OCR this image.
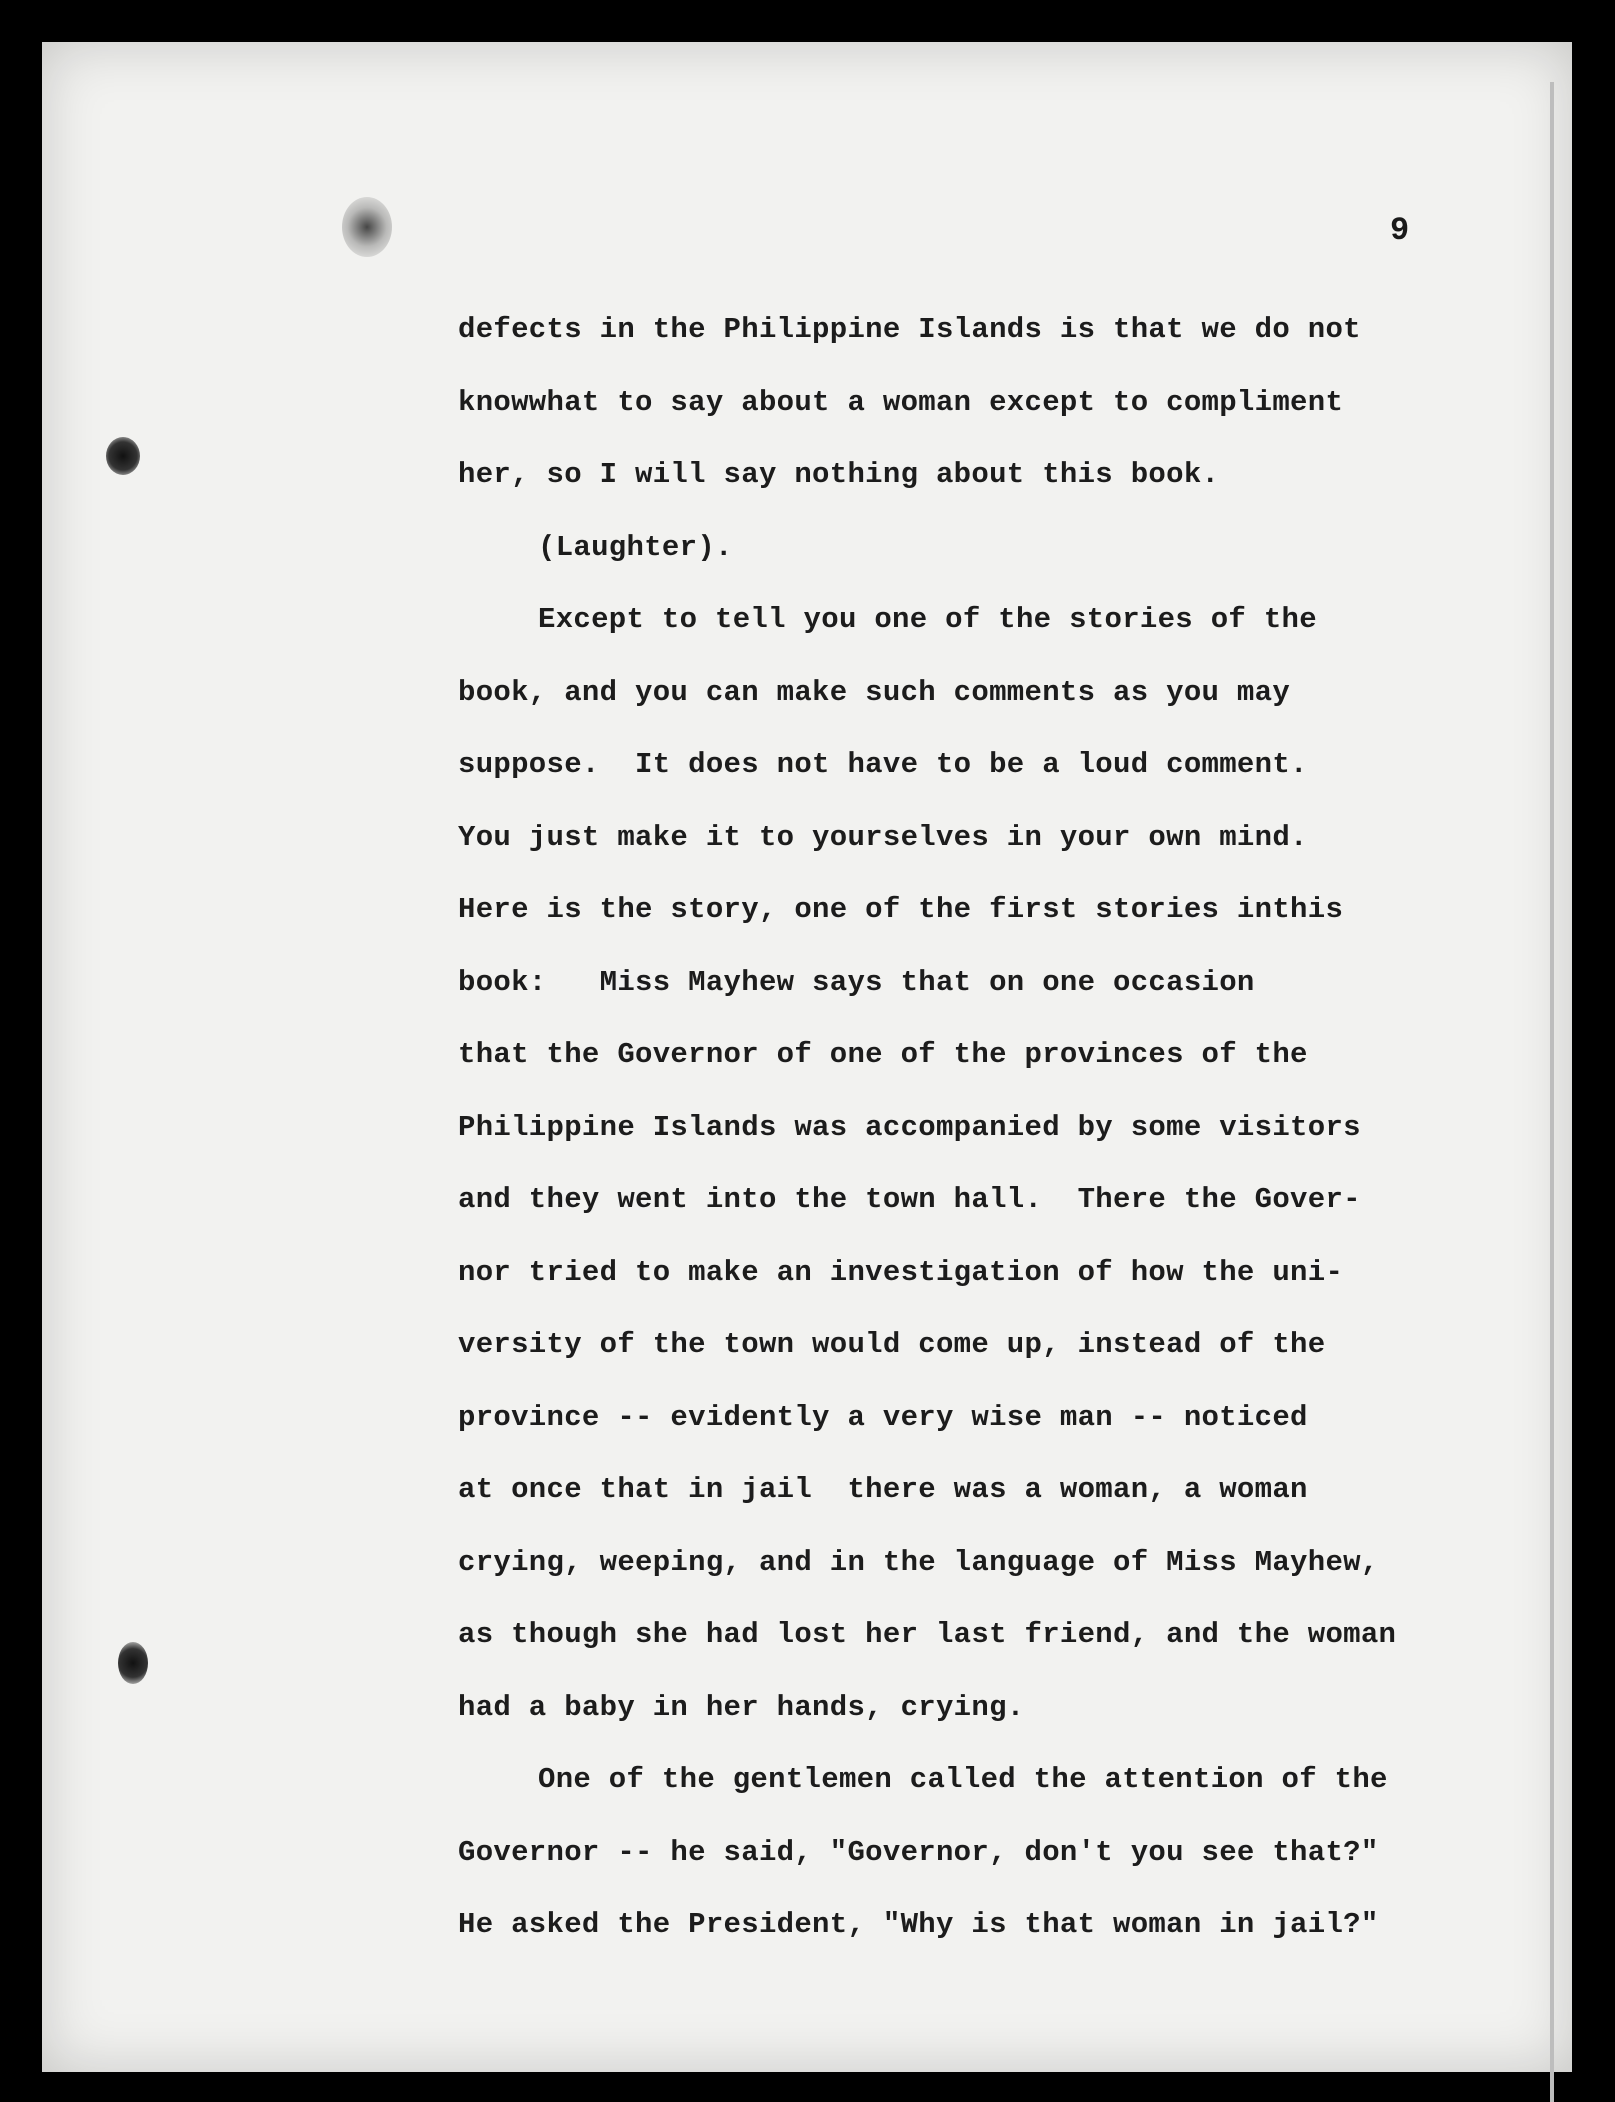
9
defects in the Philippine Islands is that we do not
knowwhat to say about a woman except to compliment
her, so I will say nothing about this book.
(Laughter).
Except to tell you one of the stories of the
book, and you can make such comments as you may
suppose.  It does not have to be a loud comment.
You just make it to yourselves in your own mind.
Here is the story, one of the first stories inthis
book:   Miss Mayhew says that on one occasion
that the Governor of one of the provinces of the
Philippine Islands was accompanied by some visitors
and they went into the town hall.  There the Gover-
nor tried to make an investigation of how the uni-
versity of the town would come up, instead of the
province -- evidently a very wise man -- noticed
at once that in jail  there was a woman, a woman
crying, weeping, and in the language of Miss Mayhew,
as though she had lost her last friend, and the woman
had a baby in her hands, crying.
One of the gentlemen called the attention of the
Governor -- he said, "Governor, don't you see that?"
He asked the President, "Why is that woman in jail?"
